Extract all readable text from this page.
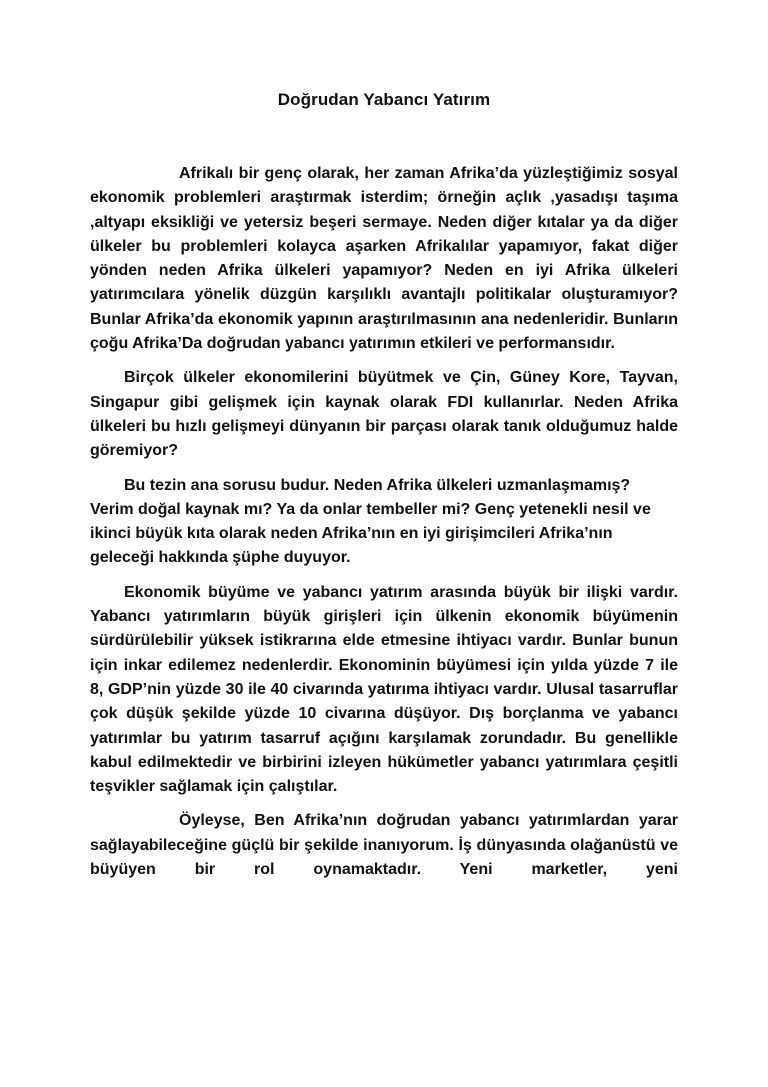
Doğrudan Yabancı Yatırım

Afrikalı bir genç olarak, her zaman Afrika’da yüzleştiğimiz sosyal ekonomik problemleri araştırmak isterdim; örneğin açlık ,yasadışı taşıma ,altyapı eksikliği ve yetersiz beşeri sermaye. Neden diğer kıtalar ya da diğer ülkeler bu problemleri kolayca aşarken Afrikalılar yapamıyor, fakat diğer yönden neden Afrika ülkeleri yapamıyor? Neden en iyi Afrika ülkeleri yatırımcılara yönelik düzgün karşılıklı avantajlı politikalar oluşturamıyor? Bunlar Afrika’da ekonomik yapının araştırılmasının ana nedenleridir. Bunların çoğu Afrika’Da doğrudan yabancı yatırımın etkileri ve performansıdır.

Birçok ülkeler ekonomilerini büyütmek ve Çin, Güney Kore, Tayvan, Singapur gibi gelişmek için kaynak olarak FDI kullanırlar. Neden Afrika ülkeleri bu hızlı gelişmeyi dünyanın bir parçası olarak tanık olduğumuz halde göremiyor?

Bu tezin ana sorusu budur. Neden Afrika ülkeleri uzmanlaşmamış? Verim doğal kaynak mı? Ya da onlar tembeller mi? Genç yetenekli nesil ve ikinci büyük kıta olarak neden Afrika’nın en iyi girişimcileri Afrika’nın geleceği hakkında şüphe duyuyor.

Ekonomik büyüme ve yabancı yatırım arasında büyük bir ilişki vardır. Yabancı yatırımların büyük girişleri için ülkenin ekonomik büyümenin sürdürülebilir yüksek istikrarına elde etmesine ihtiyacı vardır. Bunlar bunun için inkar edilemez nedenlerdir. Ekonominin büyümesi için yılda yüzde 7 ile 8, GDP’nin yüzde 30 ile 40 civarında yatırıma ihtiyacı vardır. Ulusal tasarruflar çok düşük şekilde yüzde 10 civarına düşüyor. Dış borçlanma ve yabancı yatırımlar bu yatırım tasarruf açığını karşılamak zorundadır. Bu genellikle kabul edilmektedir ve birbirini izleyen hükümetler yabancı yatırımlara çeşitli teşvikler sağlamak için çalıştılar.

Öyleyse, Ben Afrika’nın doğrudan yabancı yatırımlardan yarar sağlayabileceğine güçlü bir şekilde inanıyorum. İş dünyasında olağanüstü ve büyüyen bir rol oynamaktadır. Yeni marketler, yeni
